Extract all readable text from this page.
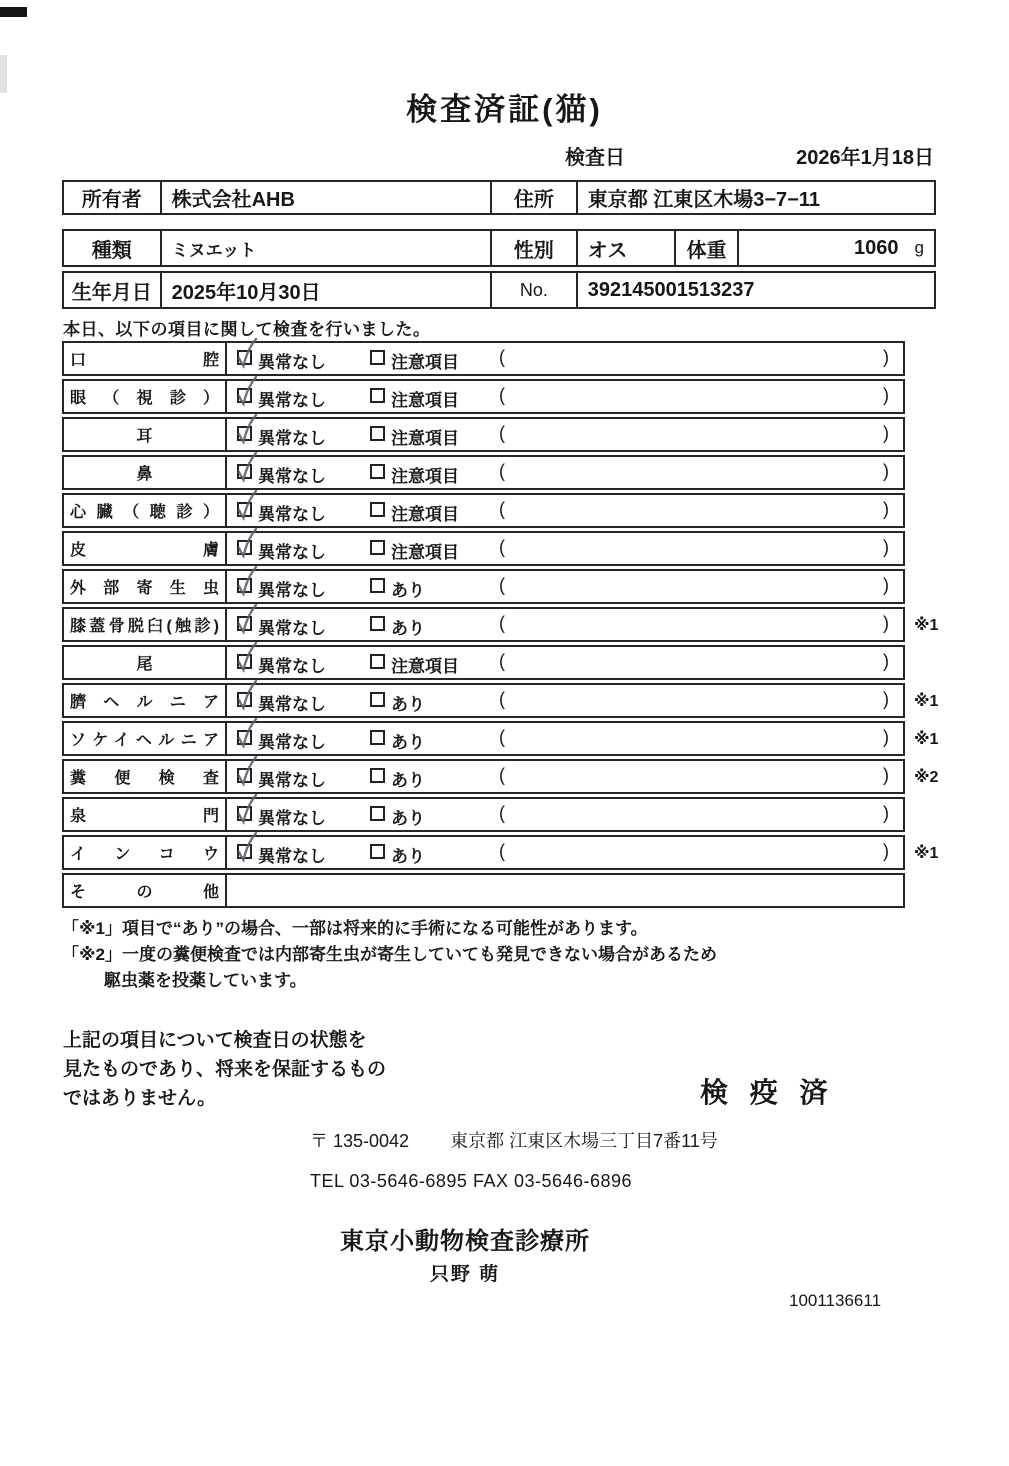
検査済証(猫)
検査日	2026年1月18日
所有者	株式会社AHB	住所	東京都 江東区木場3−7−11
種類	ミヌエット	性別	オス	体重	1060 g
生年月日 2025年10月30日	No.	392145001513237
本日、以下の項目に関して検査を行いました。
口腔 異常なし	注意項目 (	)
眼（視診） 異常なし	注意項目 (	)
耳	異常なし	注意項目 (	)
鼻	異常なし	注意項目 (	)
心臓（聴診） 異常なし	注意項目 (	)
皮膚 異常なし	注意項目 (	)
外部寄生虫 異常なし	あり	(	)
膝蓋骨脱臼(触診) 異常なし	あり	(	) ※1
尾	異常なし	注意項目 (	)
臍ヘルニア 異常なし	あり	(	) ※1
ソケイヘルニア 異常なし	あり	(	) ※1
糞便検査 異常なし	あり	(	) ※2
泉門 異常なし	あり	(	)
インコウ 異常なし	あり	(	) ※1
その他
「※1」項目で“あり”の場合、一部は将来的に手術になる可能性があります。
「※2」一度の糞便検査では内部寄生虫が寄生していても発見できない場合があるため
駆虫薬を投薬しています。
上記の項目について検査日の状態を
見たものであり、将来を保証するもの
ではありません。	検 疫 済
〒 135-0042 東京都 江東区木場三丁目7番11号
TEL 03-5646-6895 FAX 03-5646-6896
東京小動物検査診療所
只野 萌
1001136611
